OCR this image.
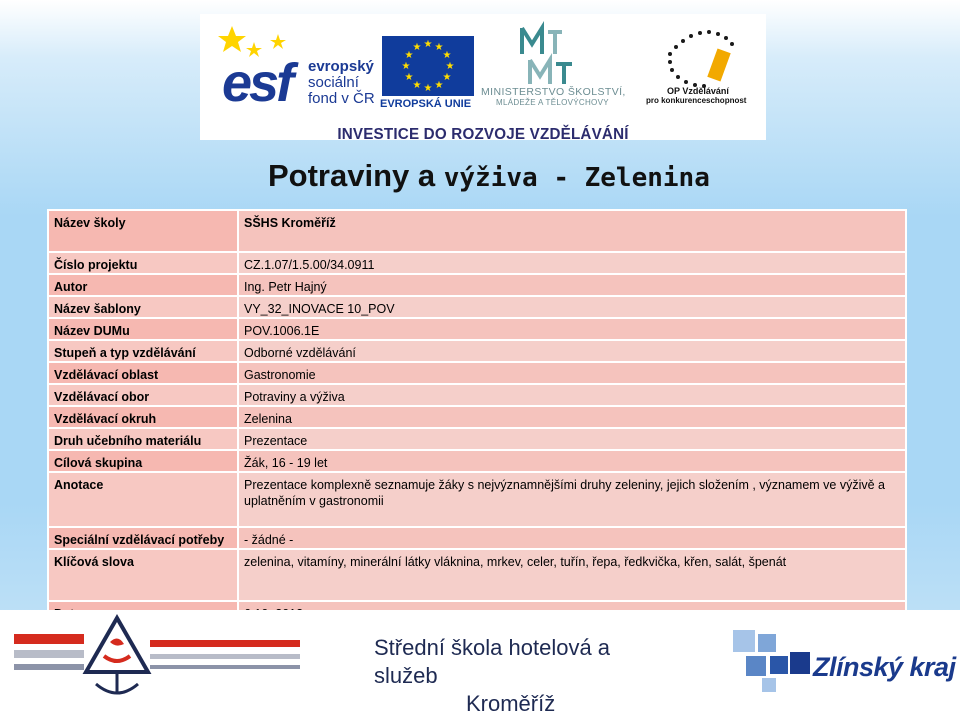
★ ★
★
★
★
★
★
★
★
★
★
★
esf evropský
sociální
fond v ČR EVROPSKÁ UNIE
MINISTERSTVO ŠKOLSTVÍ,
MLÁDEŽE A TĚLOVÝCHOVY
OP Vzdělávání
pro konkurenceschopnost
INVESTICE DO ROZVOJE VZDĚLÁVÁNÍ
Potraviny a výživa - Zelenina
Název školy	SŠHS Kroměříž
Číslo projektu	CZ.1.07/1.5.00/34.0911
Autor	Ing. Petr Hajný
Název šablony	VY_32_INOVACE 10_POV
Název DUMu	POV.1006.1E
Stupeň a typ vzdělávání	Odborné vzdělávání
Vzdělávací oblast	Gastronomie
Vzdělávací obor	Potraviny a výživa
Vzdělávací okruh	Zelenina
Druh učebního materiálu	Prezentace
Cílová skupina	Žák, 16 - 19 let
Anotace	Prezentace komplexně seznamuje žáky s nejvýznamnějšími druhy zeleniny, jejich složením , významem ve výživě a uplatněním v gastronomii
Speciální vzdělávací potřeby	- žádné -
Klíčová slova	zelenina, vitamíny, minerální látky vláknina, mrkev, celer, tuřín, řepa, ředkvička, křen, salát, špenát

Střední škola hotelová a služeb
Kroměříž
Zlínský kraj
